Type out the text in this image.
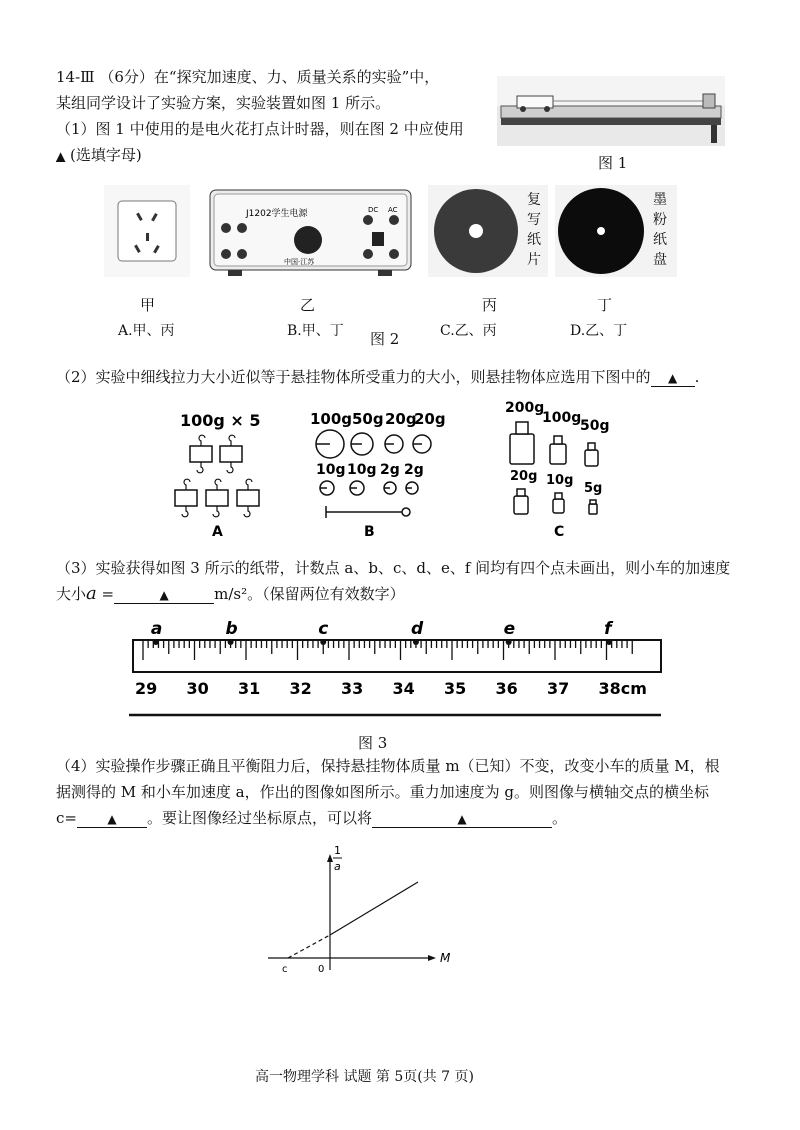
14-Ⅲ （6分）在“探究加速度、力、质量关系的实验”中，
某组同学设计了实验方案，实验装置如图 1 所示。
（1）图 1 中使用的是电火花打点计时器，则在图 2 中应使用
▲ (选填字母)	图 1
J1202学生电源	DC AC
中国·江苏
复
写
纸
片
墨
粉
纸
盘
甲	乙	丙	丁
A.甲、丙	B.甲、丁 图 2	C.乙、丙	D.乙、丁
（2）实验中细线拉力大小近似等于悬挂物体所受重力的大小，则悬挂物体应选用下图中的 ▲ .
100g × 5
A
100g 50g 20g
20g
10g 10g 2g 2g
B
200g
100g
50g
20g 10g
5g
C
（3）实验获得如图 3 所示的纸带，计数点 a、b、c、d、e、f 间均有四个点未画出，则小车的加速度
大小a =	▲	m/s²。（保留两位有效数字）
29 30 31 32 33 34 35 36 37 38cm
a	b	c	d	e	f
图 3
（4）实验操作步骤正确且平衡阻力后，保持悬挂物体质量 m（已知）不变，改变小车的质量 M，根
据测得的 M 和小车加速度 a，作出的图像如图所示。重力加速度为 g。则图像与横轴交点的横坐标
c=	▲ 。要让图像经过坐标原点，可以将	▲	。
1
a
M
c	0
高一物理学科 试题 第 5页(共 7 页)
